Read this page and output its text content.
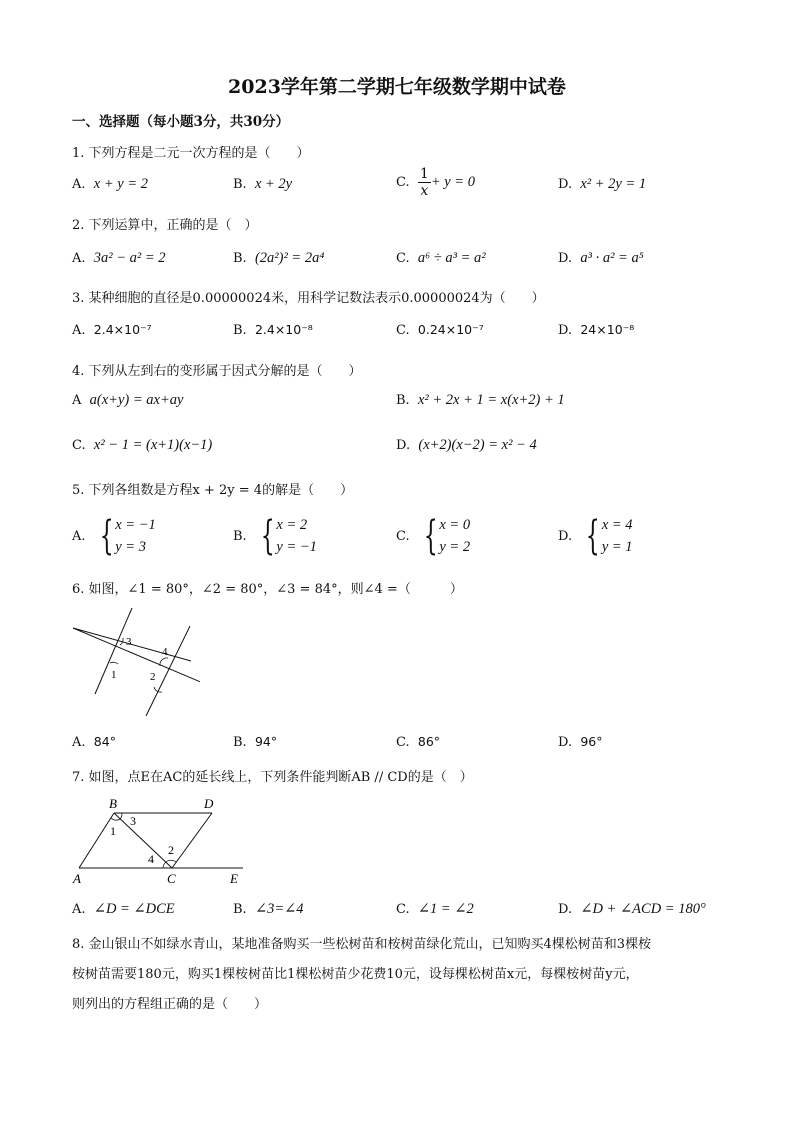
2023学年第二学期七年级数学期中试卷
一、选择题（每小题3分，共30分）
1. 下列方程是二元一次方程的是（　　）
A. x + y = 2	B. x + 2y	C.
$\frac{1}{x} + y = 0$	D. x² + 2y = 1
2. 下列运算中，正确的是（　）
A. 3a² − a² = 2	B. (2a²)² = 2a⁴	C. a⁶ ÷ a³ = a²	D. a³ · a² = a⁵
3. 某种细胞的直径是0.00000024米，用科学记数法表示0.00000024为（　　）
A. 2.4×10⁻⁷	B. 2.4×10⁻⁸	C. 0.24×10⁻⁷	D. 24×10⁻⁸
4. 下列从左到右的变形属于因式分解的是（　　）
A a(x+y) = ax+ay	B. x² + 2x + 1 = x(x+2) + 1
C. x² − 1 = (x+1)(x−1)	D. (x+2)(x−2) = x² − 4
5. 下列各组数是方程x + 2y = 4的解是（　　）
A.
{ x = −1
y = 3
B.
{ x = 2
y = −1
C.
{ x = 0
y = 2
D.
{ x = 4
y = 1
6. 如图，∠1 = 80°，∠2 = 80°，∠3 = 84°，则∠4 =（　　　）
3
4
1	2
A. 84°	B. 94°	C. 86°	D. 96°
7. 如图，点E在AC的延长线上，下列条件能判断AB // CD的是（　）
B	D
3
1
2
4
A	C	E
A. ∠D = ∠DCE	B. ∠3=∠4	C. ∠1 = ∠2	D. ∠D + ∠ACD = 180°
8. 金山银山不如绿水青山，某地准备购买一些松树苗和桉树苗绿化荒山，已知购买4棵松树苗和3棵桉
桉树苗需要180元，购买1棵桉树苗比1棵松树苗少花费10元，设每棵松树苗x元，每棵桉树苗y元，
则列出的方程组正确的是（　　）
